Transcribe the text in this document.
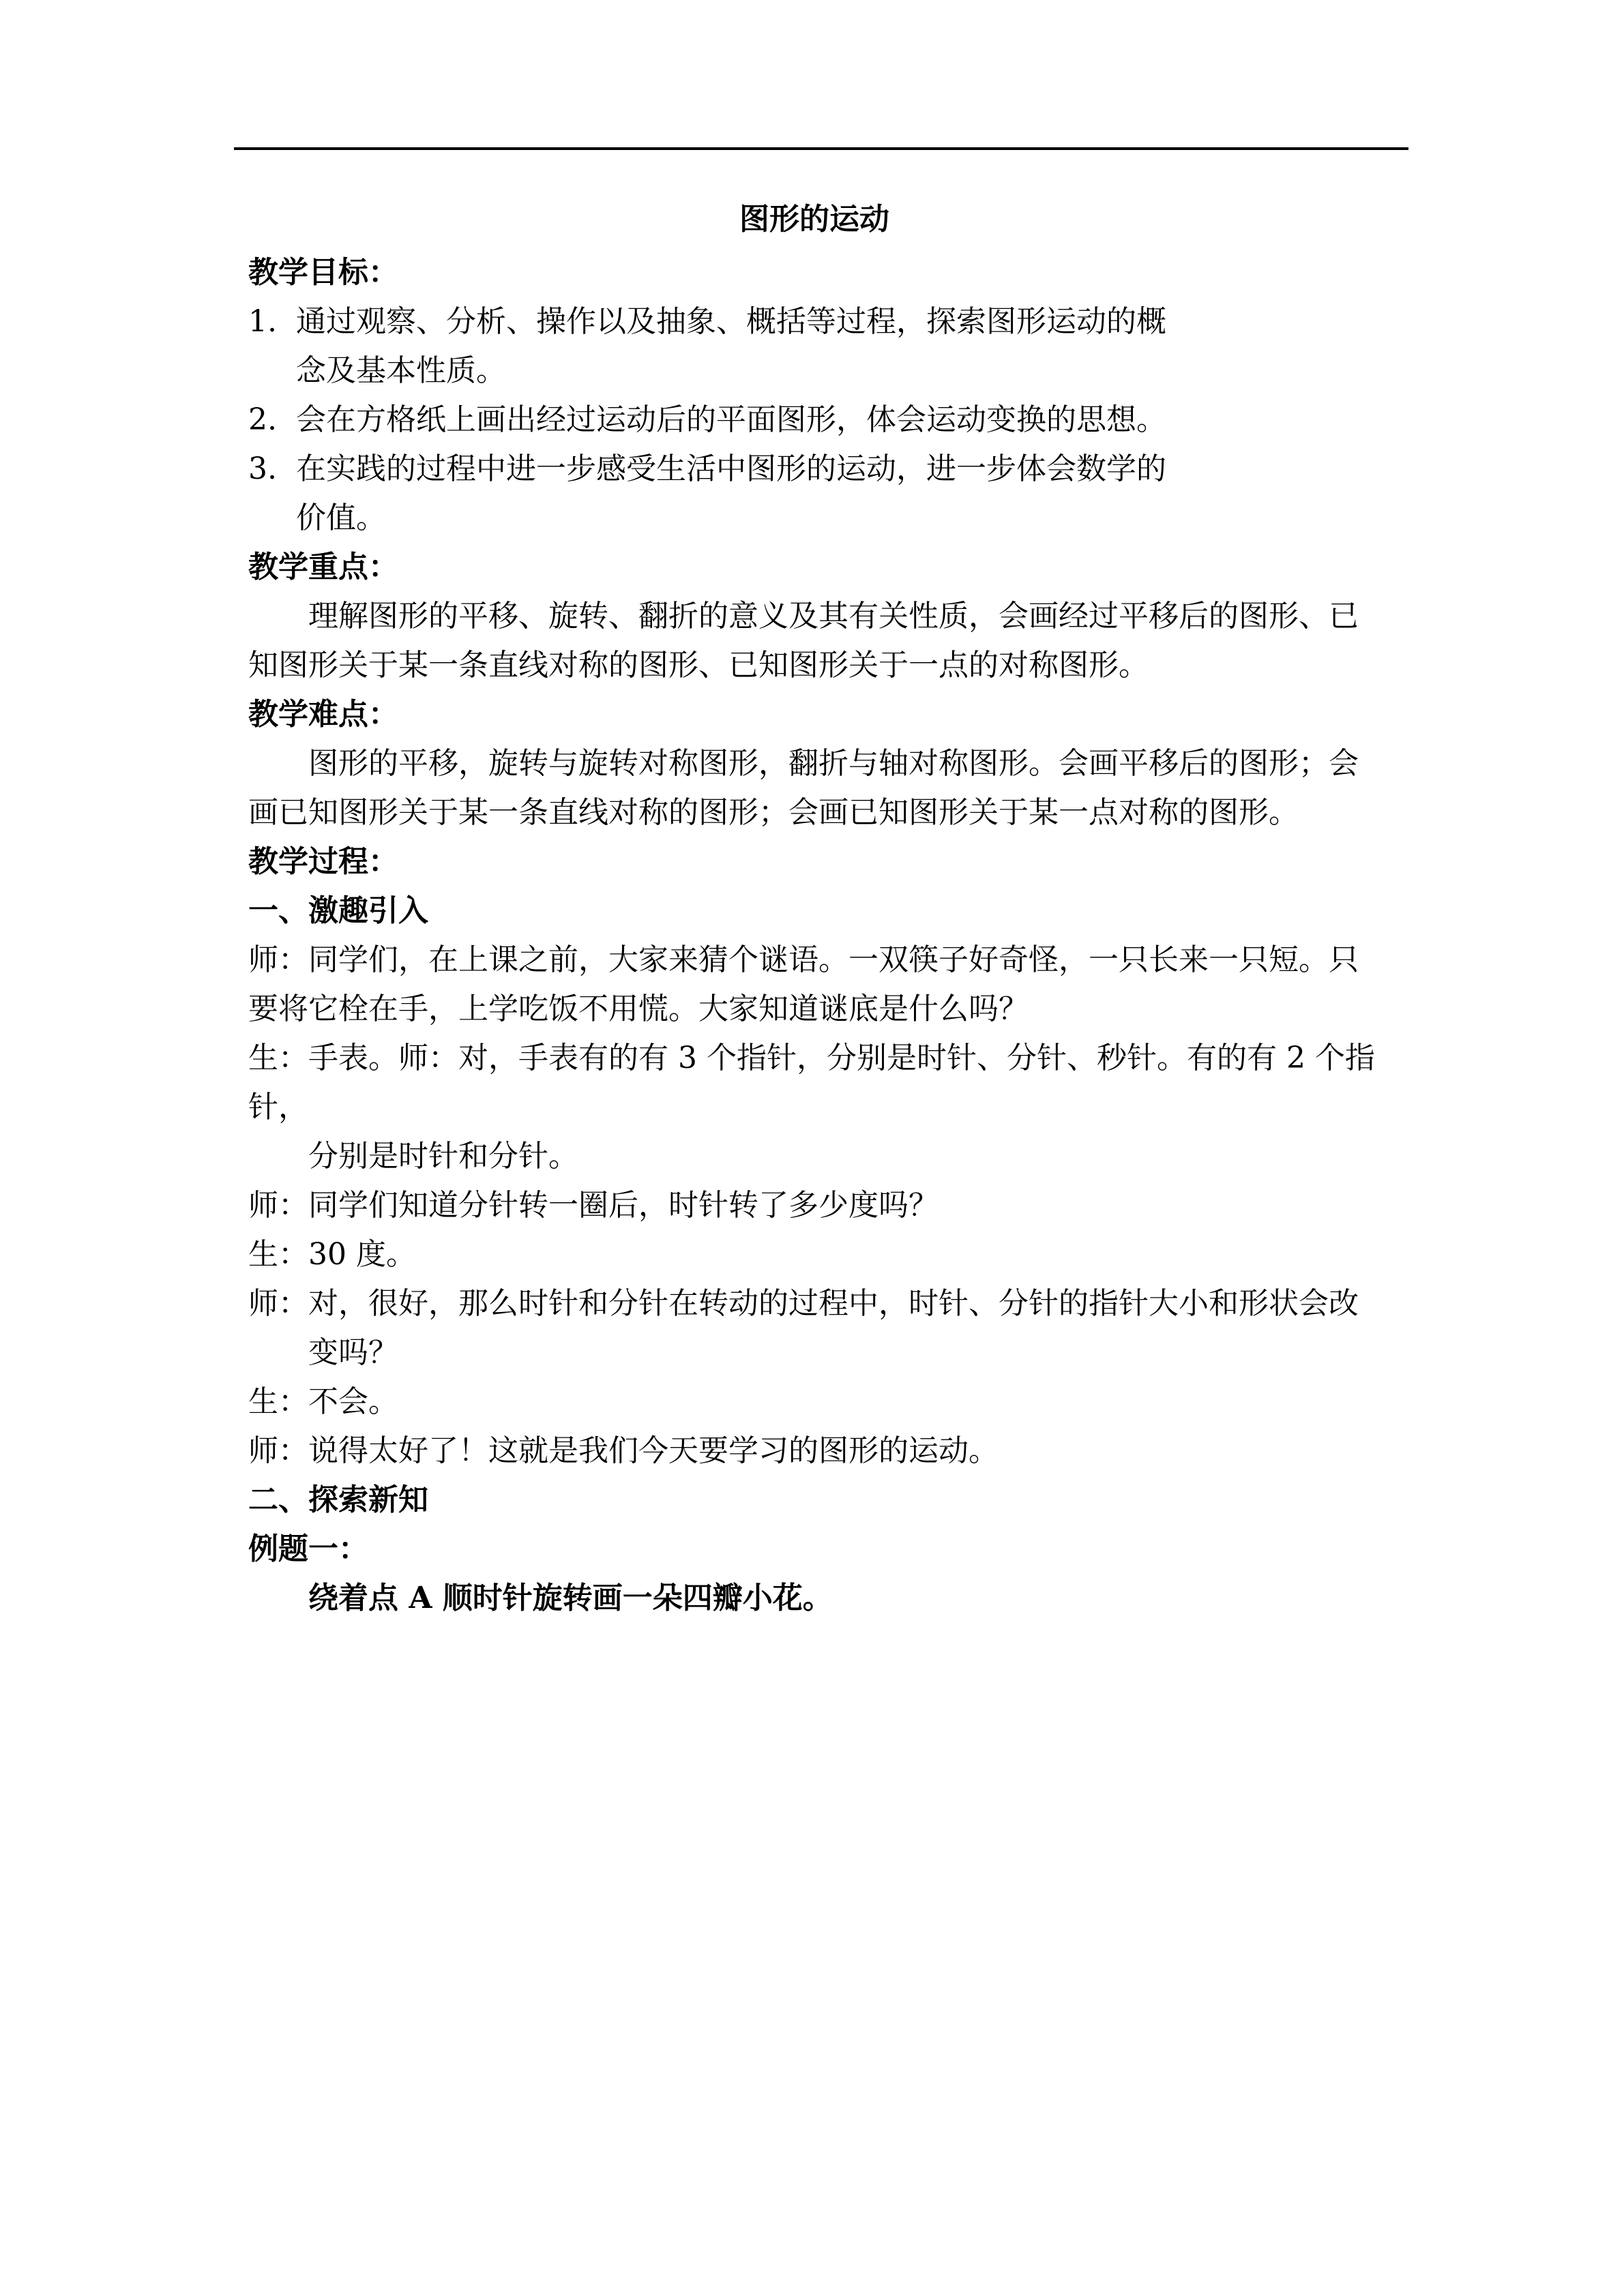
图形的运动
教学目标：
1. 通过观察、分析、操作以及抽象、概括等过程，探索图形运动的概念及基本性质。
2. 会在方格纸上画出经过运动后的平面图形，体会运动变换的思想。
3. 在实践的过程中进一步感受生活中图形的运动，进一步体会数学的价值。
教学重点：
理解图形的平移、旋转、翻折的意义及其有关性质，会画经过平移后的图形、已知图形关于某一条直线对称的图形、已知图形关于一点的对称图形。
教学难点：
图形的平移，旋转与旋转对称图形，翻折与轴对称图形。会画平移后的图形；会画已知图形关于某一条直线对称的图形；会画已知图形关于某一点对称的图形。
教学过程：
一、激趣引入
师：同学们，在上课之前，大家来猜个谜语。一双筷子好奇怪，一只长来一只短。只要将它栓在手，上学吃饭不用慌。大家知道谜底是什么吗？
生：手表。师：对，手表有的有 3 个指针，分别是时针、分针、秒针。有的有 2 个指针，
分别是时针和分针。
师：同学们知道分针转一圈后，时针转了多少度吗？
生：30 度。
师：对，很好，那么时针和分针在转动的过程中，时针、分针的指针大小和形状会改变吗？
生：不会。
师：说得太好了！这就是我们今天要学习的图形的运动。
二、探索新知
例题一：
绕着点 A 顺时针旋转画一朵四瓣小花。
